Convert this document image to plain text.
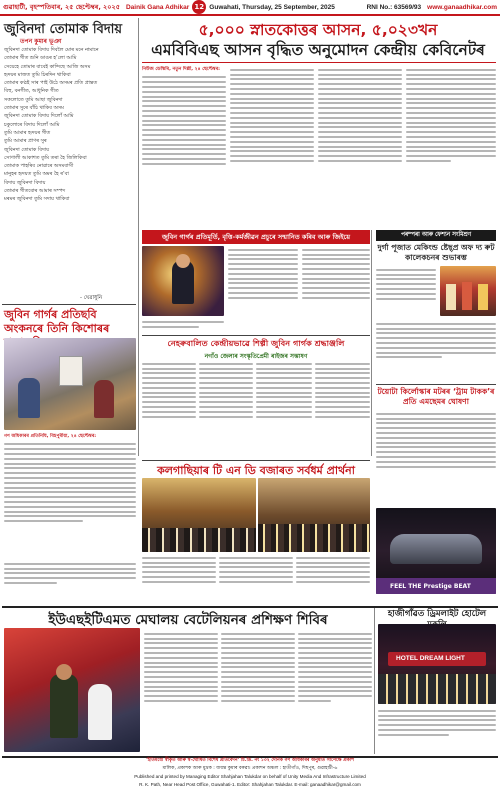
গুৱাহাটী, বৃহস্পতিবাৰ, ২৫ ছেপ্টেম্বৰ, ২০২৫ Dainik Gana Adhikar 12 Guwahati, Thursday, 25 September, 2025	RNI No.: 63569/93 www.ganaadhikar.com
জুবিনদা তোমাক বিদায়
তপন কুমাৰ ভূঞা
জুবিনদা তোমাক বিদায় দিবলৈ মোৰ মনে নামানে
তোমাৰ গীত শুনি ডাঙৰ হ’লো আমি
সেয়েহে তোমাৰ বাবেই কান্দিছে আজি অসম
হৃদয়ৰ মাজত তুমি চিৰদিন থাকিবা
তোমাৰ কণ্ঠই সাৰ পাই উঠে অসমৰ প্ৰতি প্ৰান্তত
বিহু, বনগীত, আধুনিক গীত
সকলোতে তুমি আছা জুবিনদা
তোমাৰ সুৰে বাঁচি থাকিব অসম
জুবিনদা তোমাক বিদায় দিলোঁ আমি
চকুলোৰে বিদায় দিলোঁ আমি
তুমি আমাৰ হৃদয়ৰ গীত
তুমি আমাৰ প্ৰাণৰ সুৰ
জুবিনদা তোমাক বিদায়
সোণালী আকাশত তুমি তৰা হৈ জিলিকিবা
তোমাক পাহৰিব নোৱাৰে অসমবাসী
মানুহৰ হৃদয়ত তুমি অমৰ হৈ ৰ’বা
বিদায় জুবিনদা বিদায়
তোমাৰ গীতবোৰ আমাৰ সম্পদ
মৰমৰ জুবিনদা তুমি সদায় থাকিবা
- ঘেৱাধুনি
জুবিন গাৰ্গৰ প্ৰতিছবি অংকনৰে তিনি কিশোৰৰ
গণ অধিকাৰৰ প্ৰতিনিধি, বিহপুৰীয়া, ২৪ ছেপ্টেম্বৰ:
৫,০০০ স্নাতকোত্তৰ আসন, ৫,০২৩খন
এমবিবিএছ আসন বৃদ্ধিত অনুমোদন কেন্দ্ৰীয় কেবিনেটৰ
নিউজ ডেস্কিৰি, নতুন দিল্লী, ২৪ ছেপ্টেম্বৰ:
জুবিন গাৰ্গৰ প্ৰতিমূৰ্তি, বৃত্তি-কৰ্মজীৱন প্ৰচুৰে সন্মানিত কৰিব আৰু জিইয়ে	পৰম্পৰা আৰু ফেশ্যন সংমিশ্ৰণ
দুৰ্গা পূজাত মেকিংন্ড ষ্টেছ্প্ৰ অফ দ্য ৰুট কালেকচনৰ শুভাৰম্ভ
নেহৰুবালিত কেন্দ্ৰীয়ভাৱে শিল্পী জুবিন গাৰ্গক শ্ৰদ্ধাঞ্জলি
নগাঁও জেলাৰ সংস্কৃতিপ্ৰেমী ৰাইজৰ সম্ভাষণ
টয়োটা কিৰ্লোস্কাৰ মটৰৰ ‘ট্ৰাম টাকক’ৰ প্ৰতি এমছেমৰ ঘোষণা
কলগাছিয়াৰ টি এন ডি বজাৰত সৰ্বধৰ্ম প্ৰাৰ্থনা
FEEL THE Prestige BEAT
ইউএছইটিএমত মেঘালয় বেটেলিয়নৰ প্ৰশিক্ষণ শিবিৰ	হাজীগাঁৱত ড্ৰিমলাইট হোটেল
HOTEL DREAM LIGHT
‘ইতিমধ্যে স্বীকৃত আৰু স্ব-ঘোষিত বিশেষ প্ৰতিবেদন’ চি.ডি. নং ১৩২ দৈনিক গণ অধিকাৰৰ অনুমতি সাপেক্ষে প্ৰকাশ
মালিক, প্ৰকাশক আৰু মুদ্ৰক : জয়ন্ত কুমাৰ বৰুৱা। প্ৰকাশন অঞ্চল : হাতীগাঁও, দিছপুৰ, গুৱাহাটী-৬
Published and printed by Managing Editor Shahjahan Talukdar on behalf of Unity Media And Infrastructure Limited
R. K. Path, Near Head Post Office, Guwahati-1. Editor: Shahjahan Talukdar. E-mail: ganaadhikar@gmail.com
